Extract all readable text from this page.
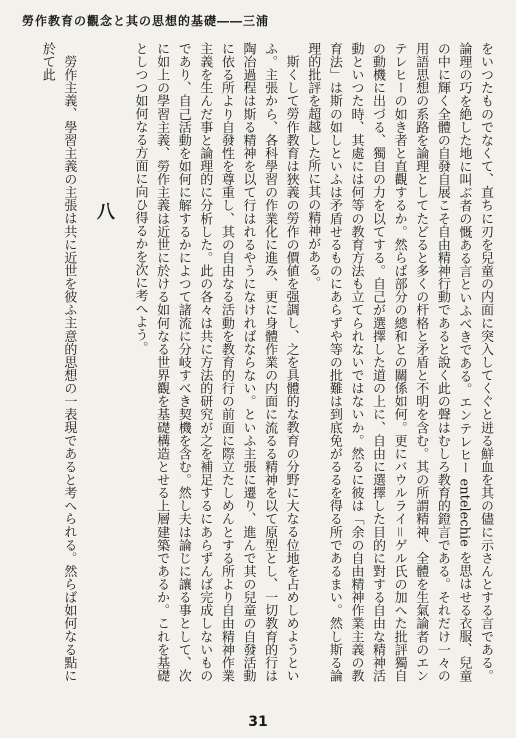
勞作教育の觀念と其の思想的基礎――三浦

をいつたものでなくて、直ちに刃を兒童の内面に突入してくぐと迸る鮮血を其の儘に示さんとする言である。論理の巧を絶した地に叫ぶ者の慨ある言といふべきである。エンテレヒー entelechie を思はせる衣服、兒童の中に輝く全體の自發自展こそ自由精神行動であると說く此の聲はむしろ教育的鐙言である。それだけ一々の用語思想の系路を論理としてたどると多くの杆格と矛盾と不明を含む。其の所謂精神、全體を生氣論者のエンテレヒーの如き者と直觀するか。然らば部分の總和との關係如何。更にバウルライ＝ゲル氏の加へた批評獨自の動機に出づる、獨自の力を以てする。自己が選擇した道の上に、自由に選擇した目的に對する自由な精神活動といつた時、其處には何等の教育方法も立てられないではないか。然るに彼は「余の自由精神作業主義の教育法」は斯の如しといふは矛盾せるものにあらずや等の批難は到底免がるるを得る所であるまい。然し斯る論理的批評を超越した所に其の精神がある。

斯くして勞作教育は狹義の勞作の價値を强調し、之を具體的な教育の分野に大なる位地を占めしめようといふ。主張から、各科學習の作業化に進み、更に身體作業の内面に流るる精神を以て原型とし、一切教育的行は陶冶過程は斯る精神を以て行はれるやうになければならない。といふ主張に遷り、進んで其の兒童の自發活動に依る所より自發性を尊重し、其の自由なる活動を教育的行の前面に際立たしめんとする所より自由精神作業主義を生んだ事と論理的に分析した。此の各々は共に方法的研究が之を補足するにあらずんば完成しないものであり、自己活動を如何に解するかによつて諸流に分岐すべき契機を含む。然し夫は論じに讓る事として、次に如上の學習主義、勞作主義は近世に於ける如何なる世界觀を基礎構造とせる上層建築であるか。これを基礎としつつ如何なる方面に向ひ得るかを次に考へよう。

八

勞作主義、學習主義の主張は共に近世を彼ふ主意的思想の一表現であると考へられる。然らば如何なる點に於て此

31
